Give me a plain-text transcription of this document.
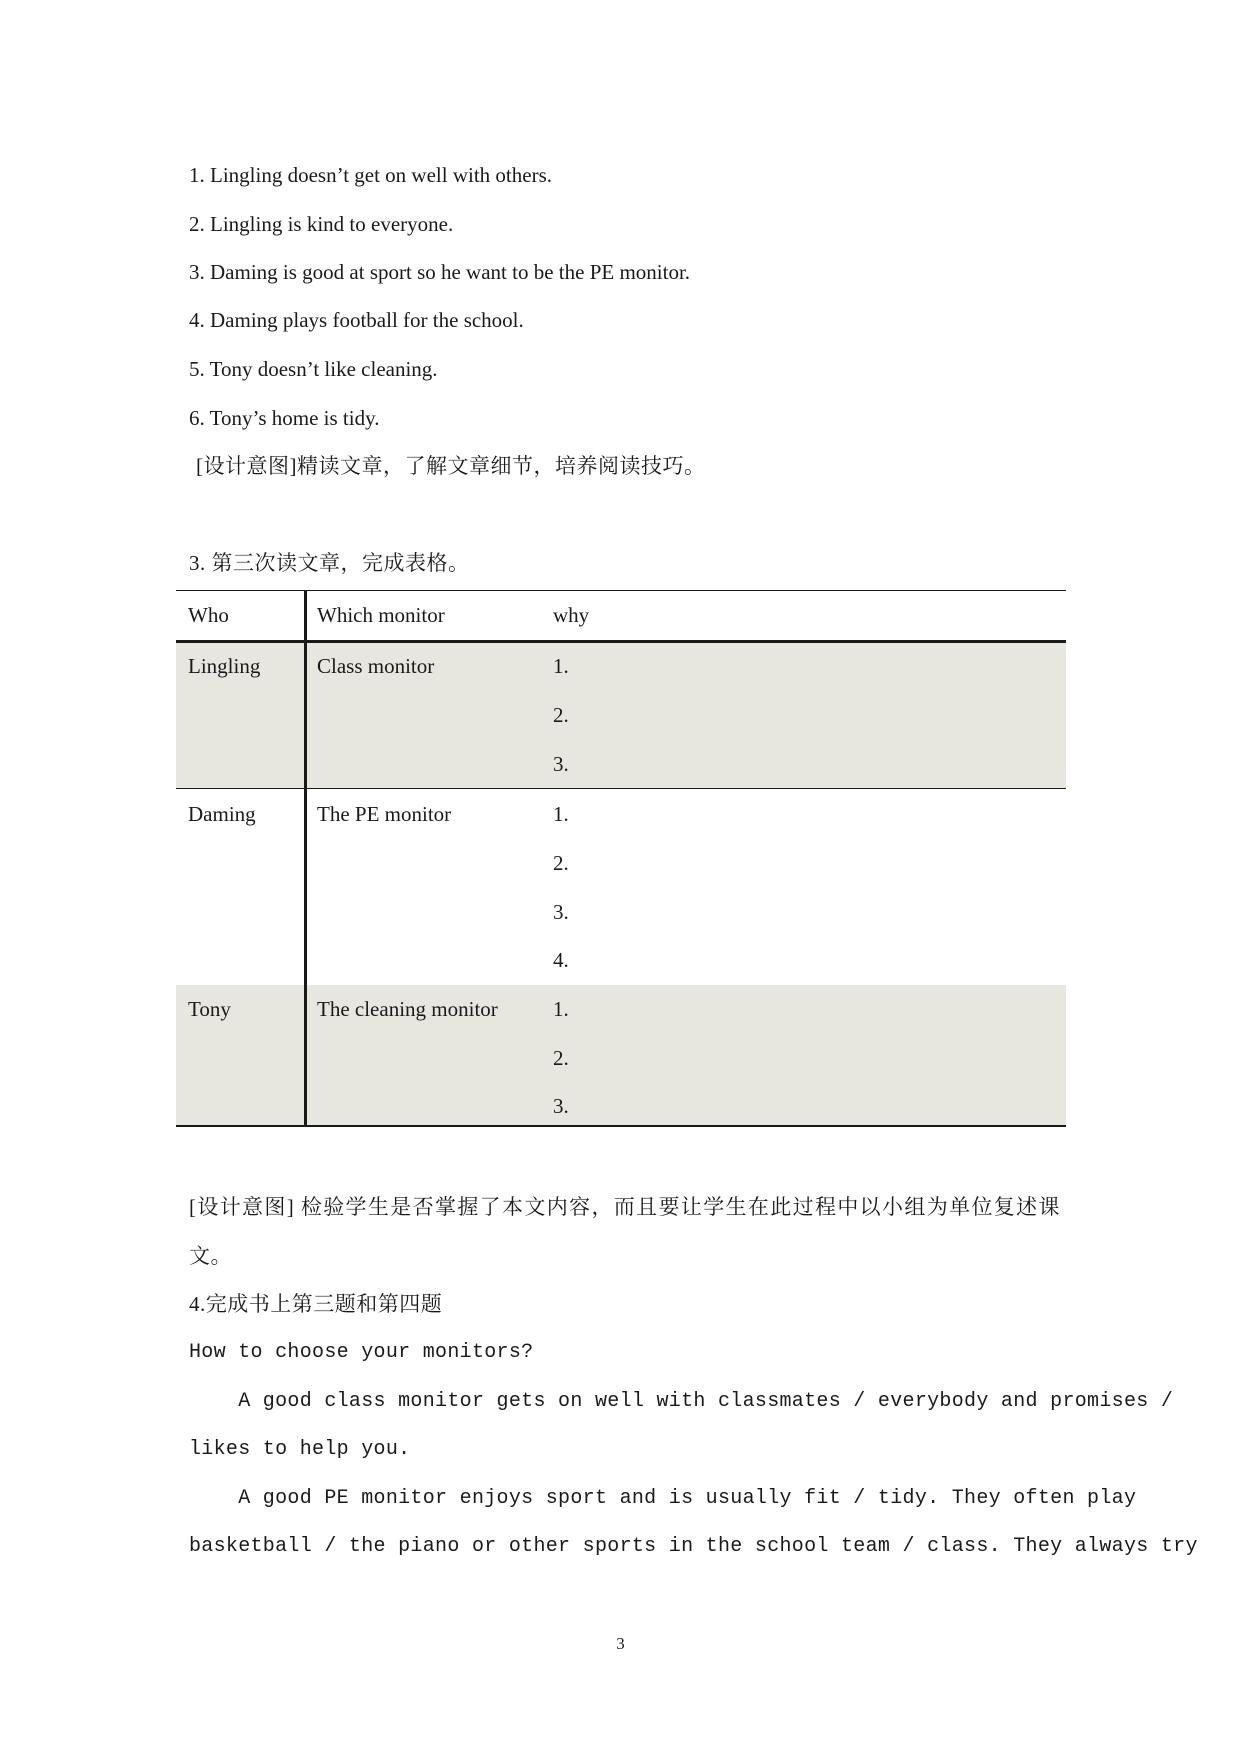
1. Lingling doesn’t get on well with others.
2. Lingling is kind to everyone.
3. Daming is good at sport so he want to be the PE monitor.
4. Daming plays football for the school.
5. Tony doesn’t like cleaning.
6. Tony’s home is tidy.
[设计意图]精读文章，了解文章细节，培养阅读技巧。
3. 第三次读文章，完成表格。
Who	Which monitor	why
Lingling	Class monitor	1.
2.
3.
Daming	The PE monitor	1.
2.
3.
4.
Tony	The cleaning monitor	1.
2.
3.
[设计意图] 检验学生是否掌握了本文内容，而且要让学生在此过程中以小组为单位复述课
文。
4.完成书上第三题和第四题
How to choose your monitors?
A good class monitor gets on well with classmates / everybody and promises /
likes to help you.
A good PE monitor enjoys sport and is usually fit / tidy. They often play
basketball / the piano or other sports in the school team / class. They always try
3
